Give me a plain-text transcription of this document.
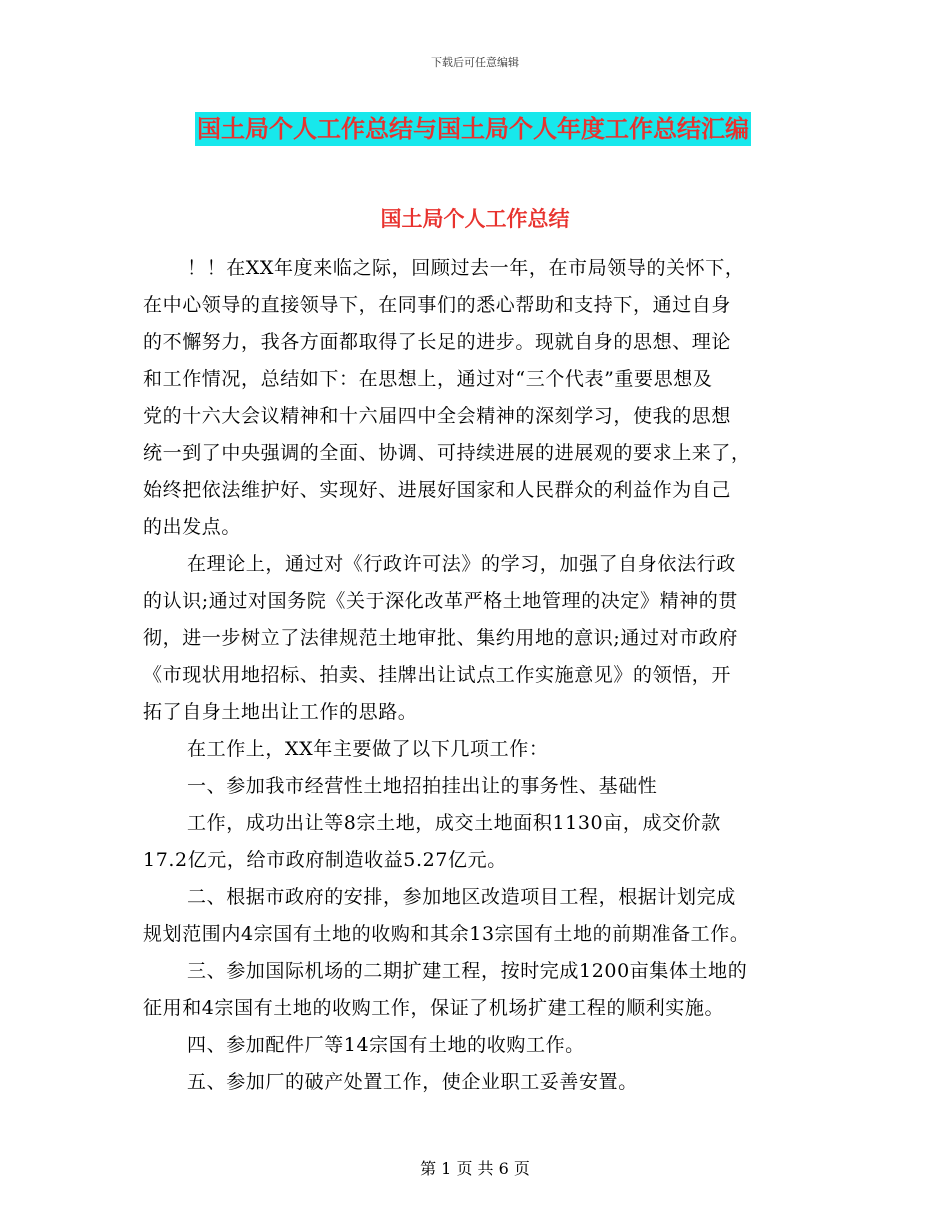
下载后可任意编辑
国土局个人工作总结与国土局个人年度工作总结汇编
国土局个人工作总结
！！在XX年度来临之际，回顾过去一年，在市局领导的关怀下，
在中心领导的直接领导下，在同事们的悉心帮助和支持下，通过自身
的不懈努力，我各方面都取得了长足的进步。现就自身的思想、理论
和工作情况，总结如下：在思想上，通过对“三个代表”重要思想及
党的十六大会议精神和十六届四中全会精神的深刻学习，使我的思想
统一到了中央强调的全面、协调、可持续进展的进展观的要求上来了，
始终把依法维护好、实现好、进展好国家和人民群众的利益作为自己
的出发点。
在理论上，通过对《行政许可法》的学习，加强了自身依法行政
的认识;通过对国务院《关于深化改革严格土地管理的决定》精神的贯
彻，进一步树立了法律规范土地审批、集约用地的意识;通过对市政府
《市现状用地招标、拍卖、挂牌出让试点工作实施意见》的领悟，开
拓了自身土地出让工作的思路。
在工作上，XX年主要做了以下几项工作：
一、参加我市经营性土地招拍挂出让的事务性、基础性
工作，成功出让等8宗土地，成交土地面积1130亩，成交价款
17.2亿元，给市政府制造收益5.27亿元。
二、根据市政府的安排，参加地区改造项目工程，根据计划完成
规划范围内4宗国有土地的收购和其余13宗国有土地的前期准备工作。
三、参加国际机场的二期扩建工程，按时完成1200亩集体土地的
征用和4宗国有土地的收购工作，保证了机场扩建工程的顺利实施。
四、参加配件厂等14宗国有土地的收购工作。
五、参加厂的破产处置工作，使企业职工妥善安置。
第 1 页 共 6 页
